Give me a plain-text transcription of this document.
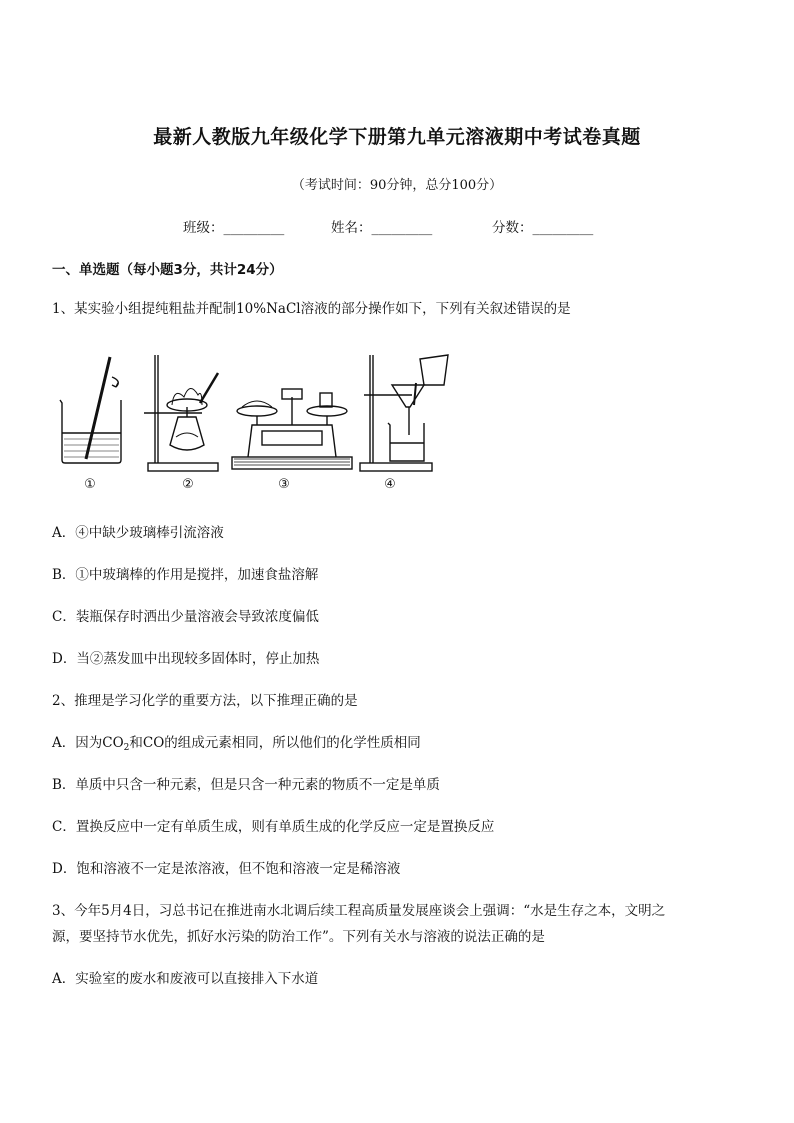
最新人教版九年级化学下册第九单元溶液期中考试卷真题
（考试时间：90分钟，总分100分）
班级：_________	姓名：_________	分数：_________
一、单选题（每小题3分，共计24分）
1、某实验小组提纯粗盐并配制10%NaCl溶液的部分操作如下，下列有关叙述错误的是
①	②	③	④
A．④中缺少玻璃棒引流溶液
B．①中玻璃棒的作用是搅拌，加速食盐溶解
C．装瓶保存时洒出少量溶液会导致浓度偏低
D．当②蒸发皿中出现较多固体时，停止加热
2、推理是学习化学的重要方法，以下推理正确的是
A．因为$CO_2$和CO的组成元素相同，所以他们的化学性质相同
B．单质中只含一种元素，但是只含一种元素的物质不一定是单质
C．置换反应中一定有单质生成，则有单质生成的化学反应一定是置换反应
D．饱和溶液不一定是浓溶液，但不饱和溶液一定是稀溶液
3、今年5月4日，习总书记在推进南水北调后续工程高质量发展座谈会上强调：“水是生存之本，文明之
源，要坚持节水优先，抓好水污染的防治工作”。下列有关水与溶液的说法正确的是
A．实验室的废水和废液可以直接排入下水道
